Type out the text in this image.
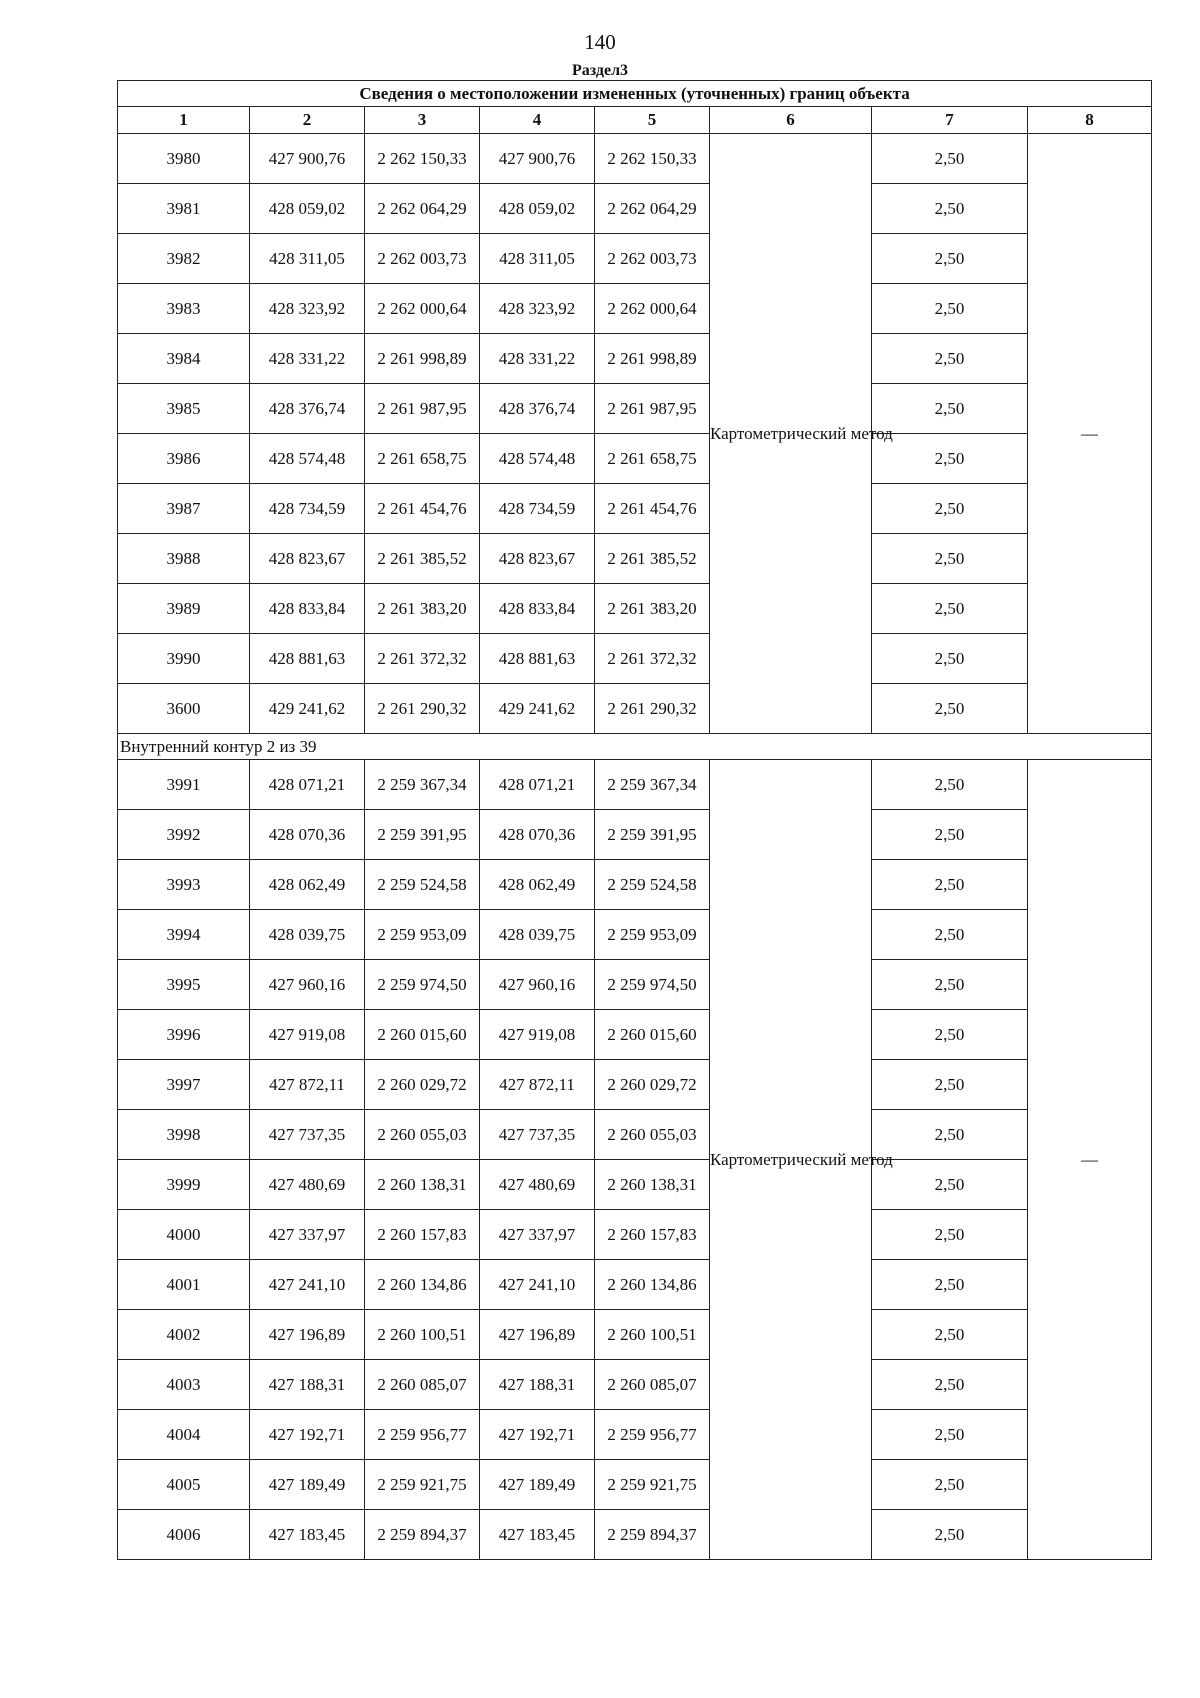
140
Раздел3
Сведения о местоположении измененных (уточненных) границ объекта							
1	2	3	4	5	6	7	8
3980	427 900,76	2 262 150,33	427 900,76	2 262 150,33	Картометрический метод	2,50	—
3981	428 059,02	2 262 064,29	428 059,02	2 262 064,29		2,50	
3982	428 311,05	2 262 003,73	428 311,05	2 262 003,73		2,50	
3983	428 323,92	2 262 000,64	428 323,92	2 262 000,64		2,50	
3984	428 331,22	2 261 998,89	428 331,22	2 261 998,89		2,50	
3985	428 376,74	2 261 987,95	428 376,74	2 261 987,95		2,50	
3986	428 574,48	2 261 658,75	428 574,48	2 261 658,75		2,50	
3987	428 734,59	2 261 454,76	428 734,59	2 261 454,76		2,50	
3988	428 823,67	2 261 385,52	428 823,67	2 261 385,52		2,50	
3989	428 833,84	2 261 383,20	428 833,84	2 261 383,20		2,50	
3990	428 881,63	2 261 372,32	428 881,63	2 261 372,32		2,50	
3600	429 241,62	2 261 290,32	429 241,62	2 261 290,32		2,50	
Внутренний контур 2 из 39							
3991	428 071,21	2 259 367,34	428 071,21	2 259 367,34	Картометрический метод	2,50	—
3992	428 070,36	2 259 391,95	428 070,36	2 259 391,95		2,50	
3993	428 062,49	2 259 524,58	428 062,49	2 259 524,58		2,50	
3994	428 039,75	2 259 953,09	428 039,75	2 259 953,09		2,50	
3995	427 960,16	2 259 974,50	427 960,16	2 259 974,50		2,50	
3996	427 919,08	2 260 015,60	427 919,08	2 260 015,60		2,50	
3997	427 872,11	2 260 029,72	427 872,11	2 260 029,72		2,50	
3998	427 737,35	2 260 055,03	427 737,35	2 260 055,03		2,50	
3999	427 480,69	2 260 138,31	427 480,69	2 260 138,31		2,50	
4000	427 337,97	2 260 157,83	427 337,97	2 260 157,83		2,50	
4001	427 241,10	2 260 134,86	427 241,10	2 260 134,86		2,50	
4002	427 196,89	2 260 100,51	427 196,89	2 260 100,51		2,50	
4003	427 188,31	2 260 085,07	427 188,31	2 260 085,07		2,50	
4004	427 192,71	2 259 956,77	427 192,71	2 259 956,77		2,50	
4005	427 189,49	2 259 921,75	427 189,49	2 259 921,75		2,50	
4006	427 183,45	2 259 894,37	427 183,45	2 259 894,37		2,50	
